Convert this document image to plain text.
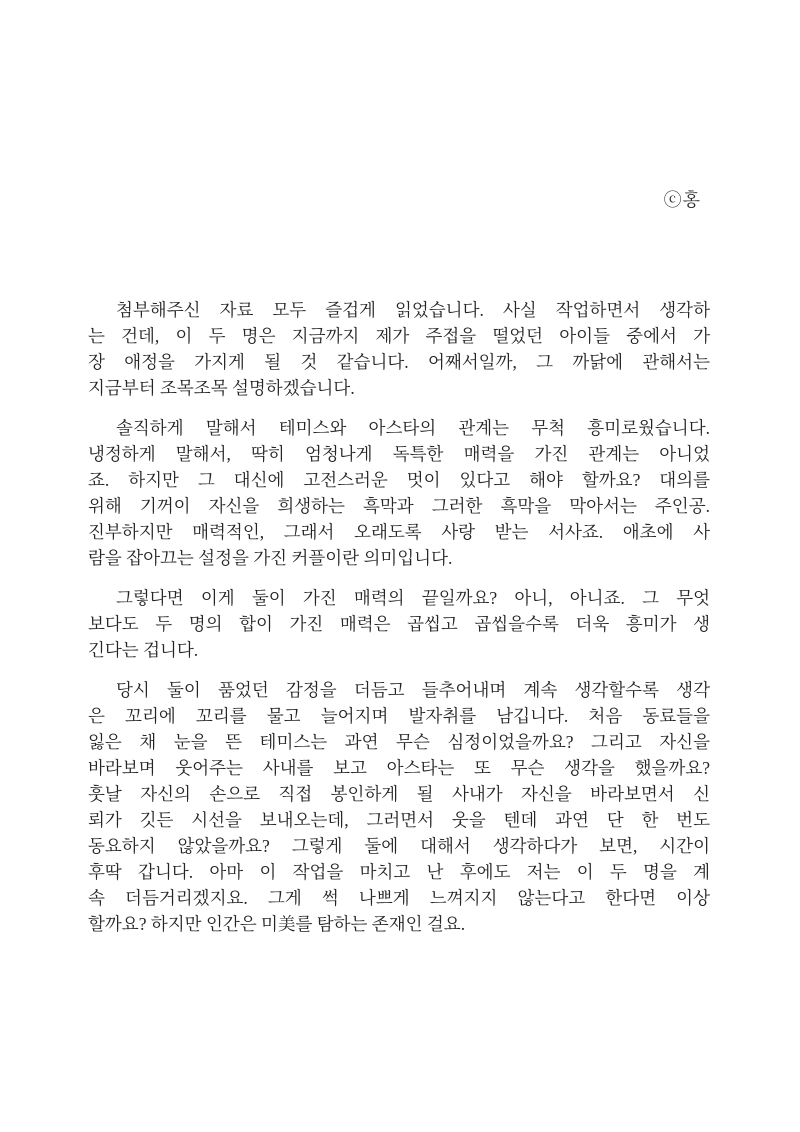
ⓒ홍
첨부해주신 자료 모두 즐겁게 읽었습니다. 사실 작업하면서 생각하
는 건데, 이 두 명은 지금까지 제가 주접을 떨었던 아이들 중에서 가
장 애정을 가지게 될 것 같습니다. 어째서일까, 그 까닭에 관해서는
지금부터 조목조목 설명하겠습니다.
솔직하게 말해서 테미스와 아스타의 관계는 무척 흥미로웠습니다.
냉정하게 말해서, 딱히 엄청나게 독특한 매력을 가진 관계는 아니었
죠. 하지만 그 대신에 고전스러운 멋이 있다고 해야 할까요? 대의를
위해 기꺼이 자신을 희생하는 흑막과 그러한 흑막을 막아서는 주인공.
진부하지만 매력적인, 그래서 오래도록 사랑 받는 서사죠. 애초에 사
람을 잡아끄는 설정을 가진 커플이란 의미입니다.
그렇다면 이게 둘이 가진 매력의 끝일까요? 아니, 아니죠. 그 무엇
보다도 두 명의 합이 가진 매력은 곱씹고 곱씹을수록 더욱 흥미가 생
긴다는 겁니다.
당시 둘이 품었던 감정을 더듬고 들추어내며 계속 생각할수록 생각
은 꼬리에 꼬리를 물고 늘어지며 발자취를 남깁니다. 처음 동료들을
잃은 채 눈을 뜬 테미스는 과연 무슨 심정이었을까요? 그리고 자신을
바라보며 웃어주는 사내를 보고 아스타는 또 무슨 생각을 했을까요?
훗날 자신의 손으로 직접 봉인하게 될 사내가 자신을 바라보면서 신
뢰가 깃든 시선을 보내오는데, 그러면서 웃을 텐데 과연 단 한 번도
동요하지 않았을까요? 그렇게 둘에 대해서 생각하다가 보면, 시간이
후딱 갑니다. 아마 이 작업을 마치고 난 후에도 저는 이 두 명을 계
속 더듬거리겠지요. 그게 썩 나쁘게 느껴지지 않는다고 한다면 이상
할까요? 하지만 인간은 미美를 탐하는 존재인 걸요.
